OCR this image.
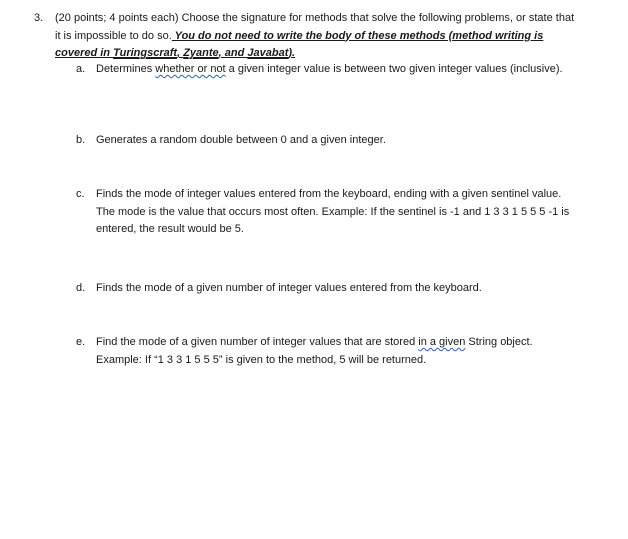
3. (20 points; 4 points each) Choose the signature for methods that solve the following problems, or state that it is impossible to do so. You do not need to write the body of these methods (method writing is covered in Turingscraft, Zyante, and Javabat).
a. Determines whether or not a given integer value is between two given integer values (inclusive).
b. Generates a random double between 0 and a given integer.
c.	Finds the mode of integer values entered from the keyboard, ending with a given sentinel value. The mode is the value that occurs most often. Example: If the sentinel is -1 and 1 3 3 1 5 5 5 -1 is entered, the result would be 5.
d. Finds the mode of a given number of integer values entered from the keyboard.
e. Find the mode of a given number of integer values that are stored in a given String object. Example: If “1 3 3 1 5 5 5” is given to the method, 5 will be returned.
